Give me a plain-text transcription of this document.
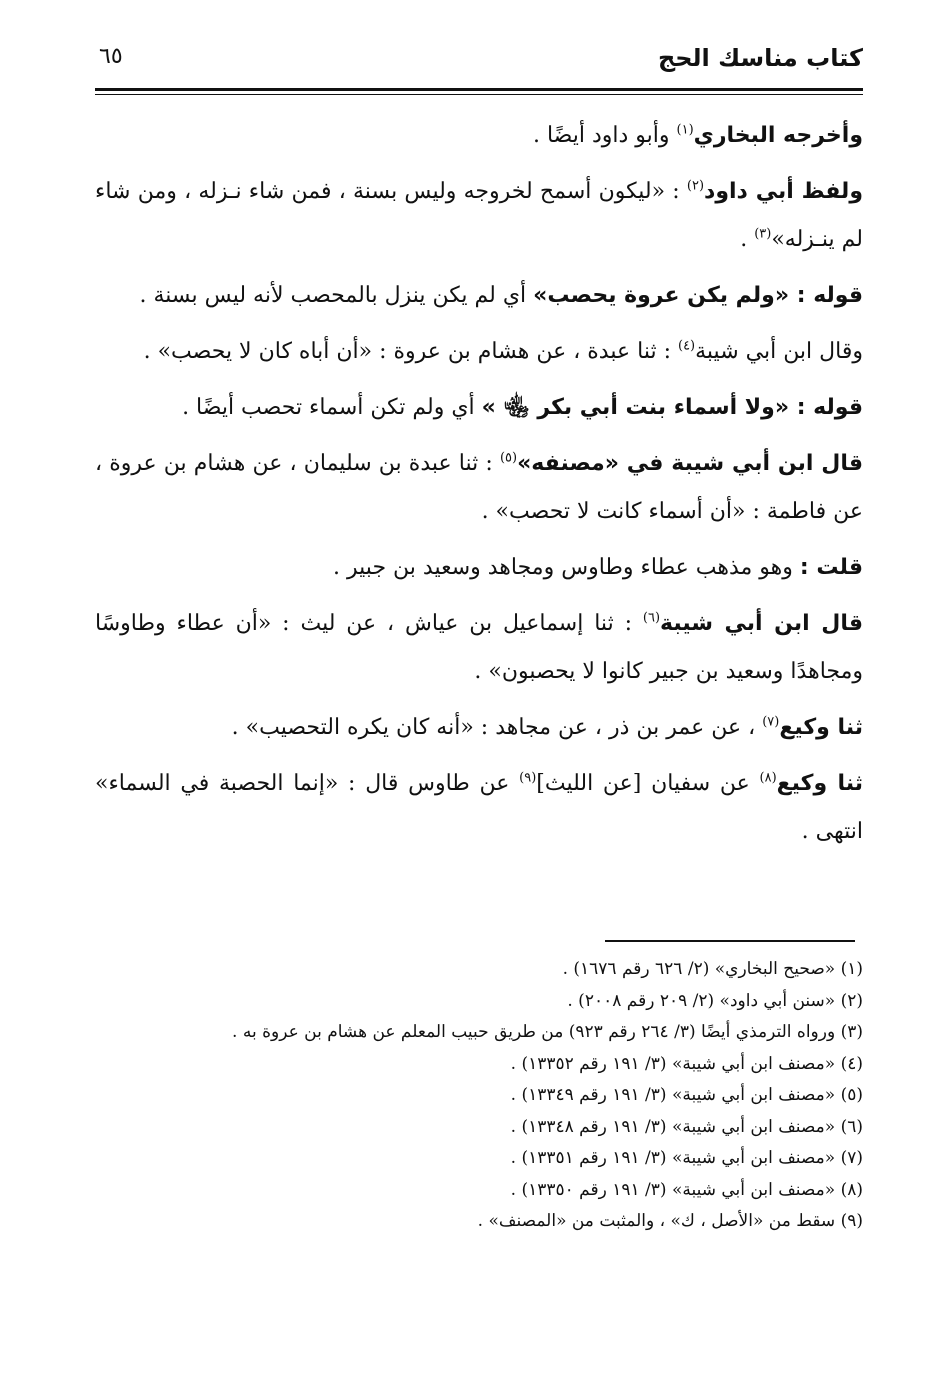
كتاب مناسك الحج
٦٥

وأخرجه البخاري$^{(١)}$ وأبو داود أيضًا .

ولفظ أبي داود$^{(٢)}$ : «ليكون أسمح لخروجه وليس بسنة ، فمن شاء نـزله ، ومن شاء لم ينـزله»$^{(٣)}$ .

قوله : «ولم يكن عروة يحصب» أي لم يكن ينزل بالمحصب لأنه ليس بسنة .

وقال ابن أبي شيبة$^{(٤)}$ : ثنا عبدة ، عن هشام بن عروة : «أن أباه كان لا يحصب» .

قوله : «ولا أسماء بنت أبي بكر ﵄ » أي ولم تكن أسماء تحصب أيضًا .

قال ابن أبي شيبة في «مصنفه»$^{(٥)}$ : ثنا عبدة بن سليمان ، عن هشام بن عروة ، عن فاطمة : «أن أسماء كانت لا تحصب» .

قلت : وهو مذهب عطاء وطاوس ومجاهد وسعيد بن جبير .

قال ابن أبي شيبة$^{(٦)}$ : ثنا إسماعيل بن عياش ، عن ليث : «أن عطاء وطاوسًا ومجاهدًا وسعيد بن جبير كانوا لا يحصبون» .

ثنا وكيع$^{(٧)}$ ، عن عمر بن ذر ، عن مجاهد : «أنه كان يكره التحصيب» .

ثنا وكيع$^{(٨)}$ عن سفيان [عن الليث]$^{(٩)}$ عن طاوس قال : «إنما الحصبة في السماء» انتهى .

(١) «صحيح البخاري» (٢/ ٦٢٦ رقم ١٦٧٦) .
(٢) «سنن أبي داود» (٢/ ٢٠٩ رقم ٢٠٠٨) .
(٣) ورواه الترمذي أيضًا (٣/ ٢٦٤ رقم ٩٢٣) من طريق حبيب المعلم عن هشام بن عروة به .
(٤) «مصنف ابن أبي شيبة» (٣/ ١٩١ رقم ١٣٣٥٢) .
(٥) «مصنف ابن أبي شيبة» (٣/ ١٩١ رقم ١٣٣٤٩) .
(٦) «مصنف ابن أبي شيبة» (٣/ ١٩١ رقم ١٣٣٤٨) .
(٧) «مصنف ابن أبي شيبة» (٣/ ١٩١ رقم ١٣٣٥١) .
(٨) «مصنف ابن أبي شيبة» (٣/ ١٩١ رقم ١٣٣٥٠) .
(٩) سقط من «الأصل ، ك» ، والمثبت من «المصنف» .
